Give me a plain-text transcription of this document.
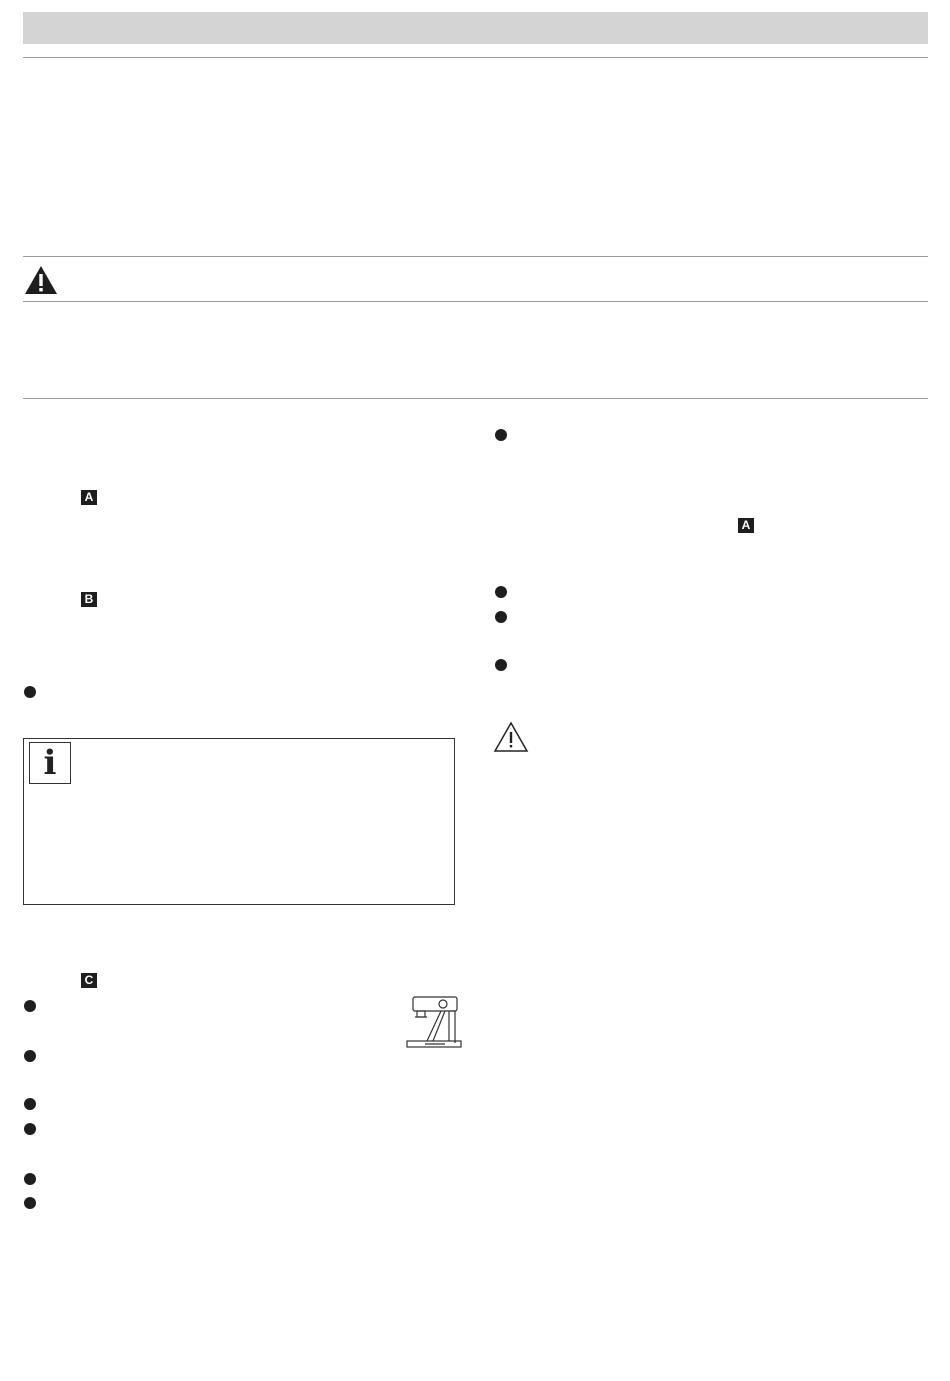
A
B
i
C
A
